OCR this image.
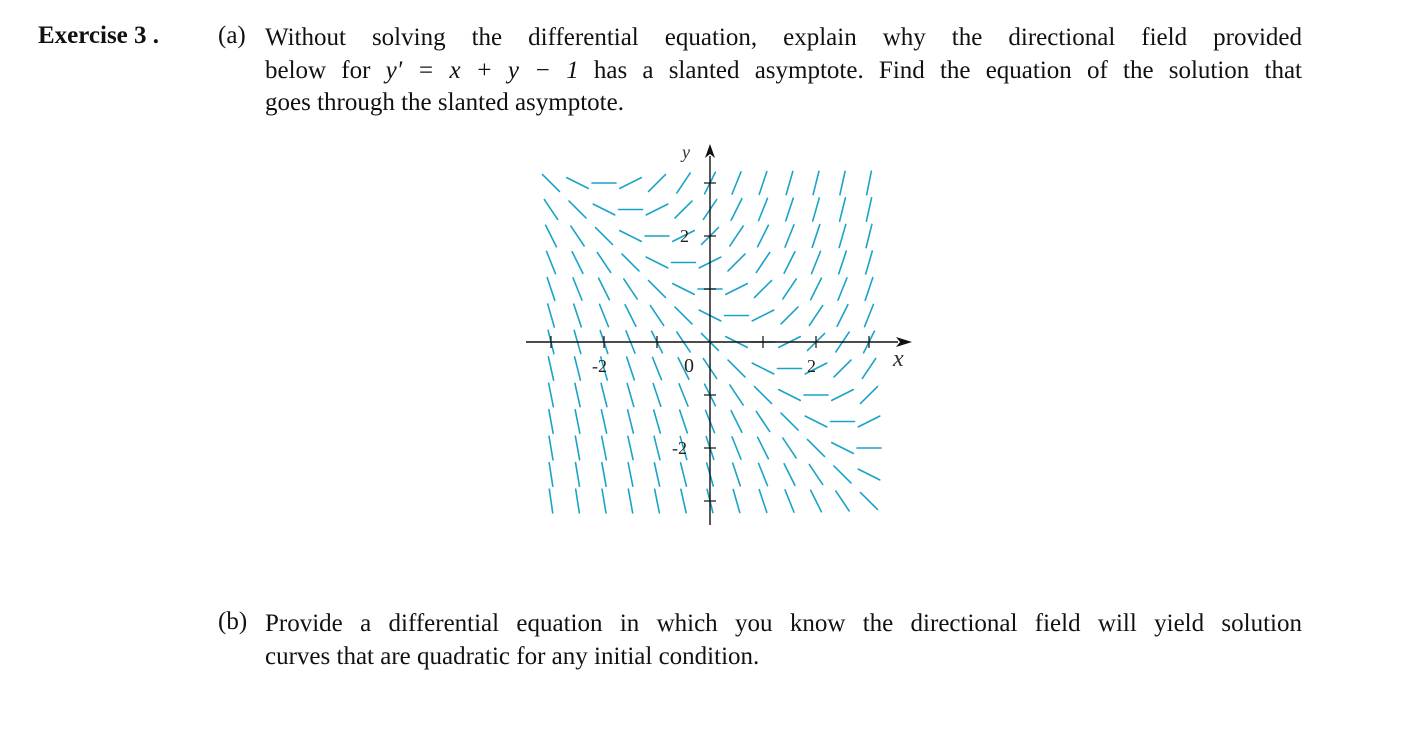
Exercise 3 . (a) Without solving the differential equation, explain why the directional field provided
below for y′ = x + y − 1 has a slanted asymptote. Find the equation of the solution that
goes through the slanted asymptote.
x
y
-2	0	2
2
-2
(b) Provide a differential equation in which you know the directional field will yield solution
curves that are quadratic for any initial condition.
